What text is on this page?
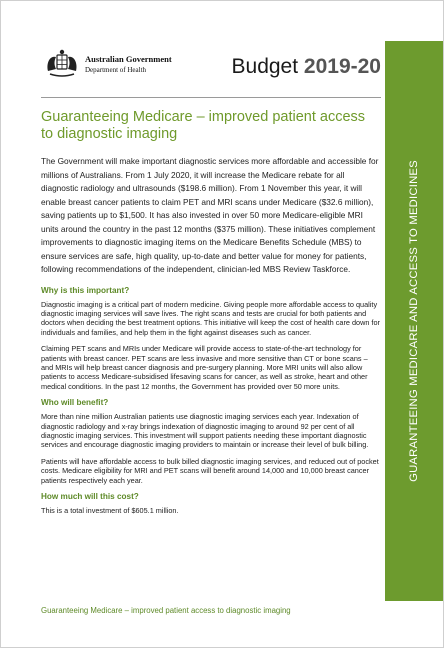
Australian Government
Department of Health	Budget 2019-20
GUARANTEEING MEDICARE AND ACCESS TO MEDICINES
Guaranteeing Medicare – improved patient access to diagnostic imaging

The Government will make important diagnostic services more affordable and accessible for millions of Australians. From 1 July 2020, it will increase the Medicare rebate for all diagnostic radiology and ultrasounds ($198.6 million). From 1 November this year, it will enable breast cancer patients to claim PET and MRI scans under Medicare ($32.6 million), saving patients up to $1,500. It has also invested in over 50 more Medicare-eligible MRI units around the country in the past 12 months ($375 million). These initiatives complement improvements to diagnostic imaging items on the Medicare Benefits Schedule (MBS) to ensure services are safe, high quality, up-to-date and better value for money for patients, following recommendations of the independent, clinician-led MBS Review Taskforce.

Why is this important?

Diagnostic imaging is a critical part of modern medicine. Giving people more affordable access to quality diagnostic imaging services will save lives. The right scans and tests are crucial for both patients and doctors when deciding the best treatment options. This initiative will keep the cost of health care down for individuals and families, and help them in the fight against diseases such as cancer.

Claiming PET scans and MRIs under Medicare will provide access to state-of-the-art technology for patients with breast cancer. PET scans are less invasive and more sensitive than CT or bone scans – and MRIs will help breast cancer diagnosis and pre-surgery planning. More MRI units will also allow patients to access Medicare-subsidised lifesaving scans for cancer, as well as stroke, heart and other medical conditions. In the past 12 months, the Government has provided over 50 more units.

Who will benefit?

More than nine million Australian patients use diagnostic imaging services each year. Indexation of diagnostic radiology and x-ray brings indexation of diagnostic imaging to around 92 per cent of all diagnostic imaging services. This investment will support patients needing these important diagnostic services and encourage diagnostic imaging providers to maintain or increase their level of bulk billing.

Patients will have affordable access to bulk billed diagnostic imaging services, and reduced out of pocket costs. Medicare eligibility for MRI and PET scans will benefit around 14,000 and 10,000 breast cancer patients respectively each year.

How much will this cost?

This is a total investment of $605.1 million.

Guaranteeing Medicare – improved patient access to diagnostic imaging
